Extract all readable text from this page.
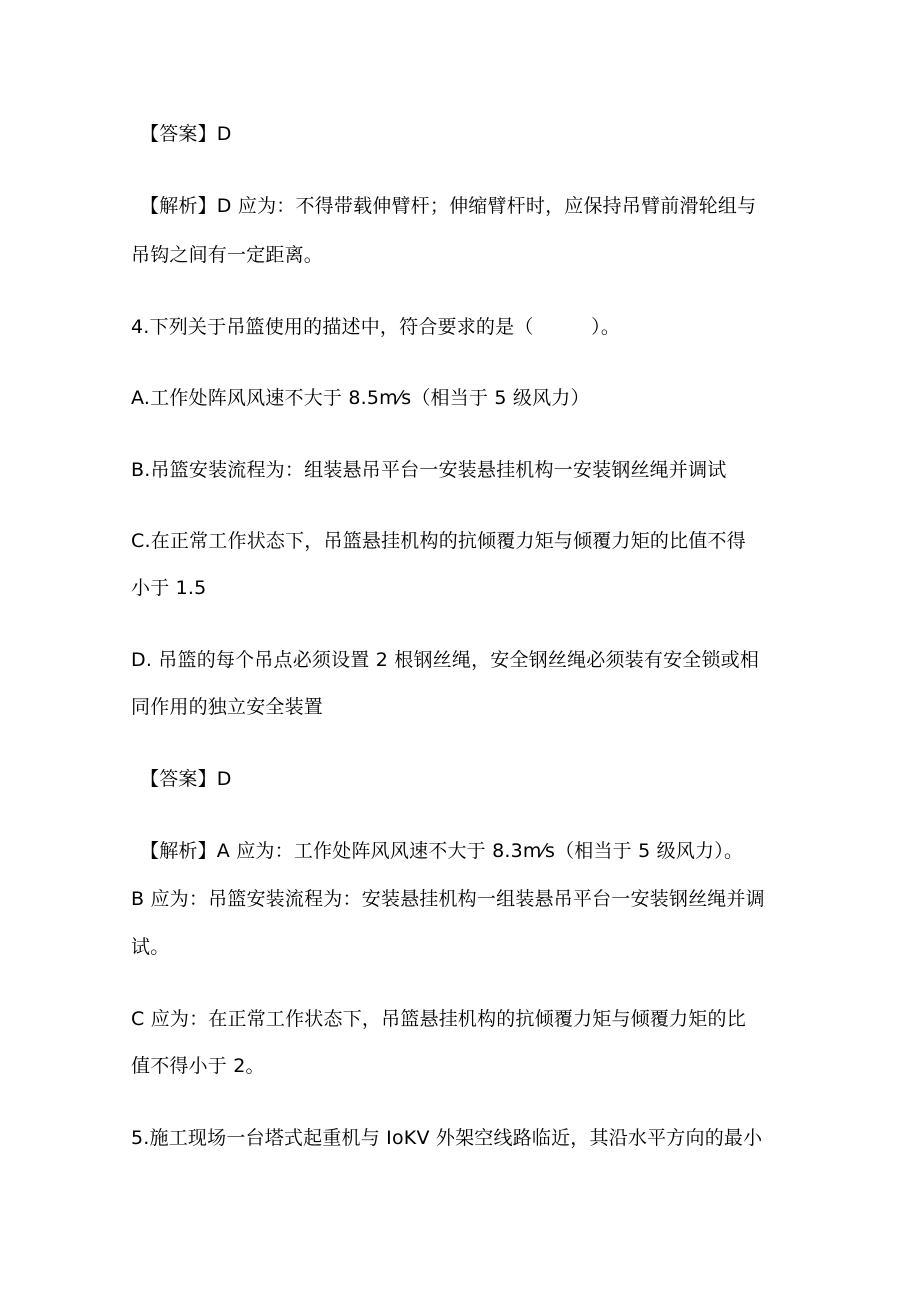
【答案】D
【解析】D 应为：不得带载伸臂杆；伸缩臂杆时，应保持吊臂前滑轮组与
吊钩之间有一定距离。
4.下列关于吊篮使用的描述中，符合要求的是（　　　）。
A.工作处阵风风速不大于 8.5m⁄s（相当于 5 级风力）
B.吊篮安装流程为：组装悬吊平台一安装悬挂机构一安装钢丝绳并调试
C.在正常工作状态下，吊篮悬挂机构的抗倾覆力矩与倾覆力矩的比值不得
小于 1.5
D. 吊篮的每个吊点必须设置 2 根钢丝绳，安全钢丝绳必须装有安全锁或相
同作用的独立安全装置
【答案】D
【解析】A 应为：工作处阵风风速不大于 8.3m⁄s（相当于 5 级风力）。
B 应为：吊篮安装流程为：安装悬挂机构一组装悬吊平台一安装钢丝绳并调
试。
C 应为：在正常工作状态下，吊篮悬挂机构的抗倾覆力矩与倾覆力矩的比
值不得小于 2。
5.施工现场一台塔式起重机与 IoKV 外架空线路临近，其沿水平方向的最小
